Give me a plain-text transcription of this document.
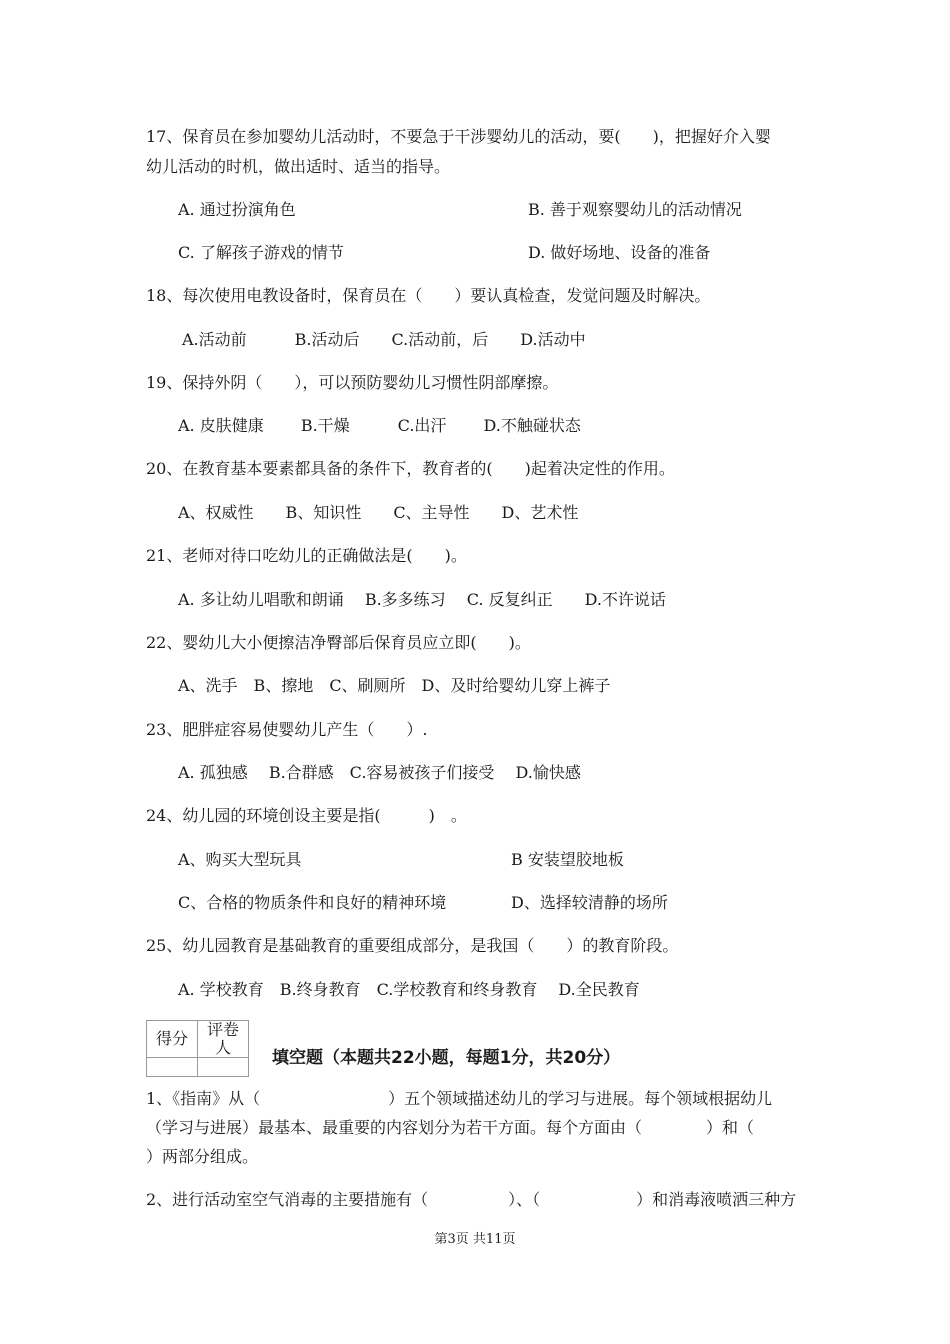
17、保育员在参加婴幼儿活动时，不要急于干涉婴幼儿的活动，要(　　)，把握好介入婴
幼儿活动的时机，做出适时、适当的指导。
A. 通过扮演角色	B. 善于观察婴幼儿的活动情况
C. 了解孩子游戏的情节	D. 做好场地、设备的准备
18、每次使用电教设备时，保育员在（　　）要认真检查，发觉问题及时解决。
A.活动前　　　B.活动后　　C.活动前，后　　D.活动中
19、保持外阴（　　），可以预防婴幼儿习惯性阴部摩擦。
A. 皮肤健康　　 B.干燥　　　C.出汗　　 D.不触碰状态
20、在教育基本要素都具备的条件下，教育者的(　　)起着决定性的作用。
A、权威性　　B、知识性　　C、主导性　　D、艺术性
21、老师对待口吃幼儿的正确做法是(　　)。
A. 多让幼儿唱歌和朗诵　 B.多多练习　 C. 反复纠正　　D.不许说话
22、婴幼儿大小便擦洁净臀部后保育员应立即(　　)。
A、洗手　B、擦地　C、刷厕所　D、及时给婴幼儿穿上裤子
23、肥胖症容易使婴幼儿产生（　　）.
A. 孤独感　 B.合群感　C.容易被孩子们接受　 D.愉快感
24、幼儿园的环境创设主要是指(　　　)　。
A、购买大型玩具	B 安装望胶地板
C、合格的物质条件和良好的精神环境	D、选择较清静的场所
25、幼儿园教育是基础教育的重要组成部分，是我国（　　）的教育阶段。
A. 学校教育　B.终身教育　C.学校教育和终身教育　 D.全民教育
1、《指南》从（　　　　　　　　）五个领域描述幼儿的学习与进展。每个领域根据幼儿
（学习与进展）最基本、最重要的内容划分为若干方面。每个方面由（　　　　）和（
）两部分组成。
2、进行活动室空气消毒的主要措施有（　　　　　）、（　　　　　　）和消毒液喷洒三种方
得分	评卷人

填空题（本题共22小题，每题1分，共20分）
第3页 共11页
